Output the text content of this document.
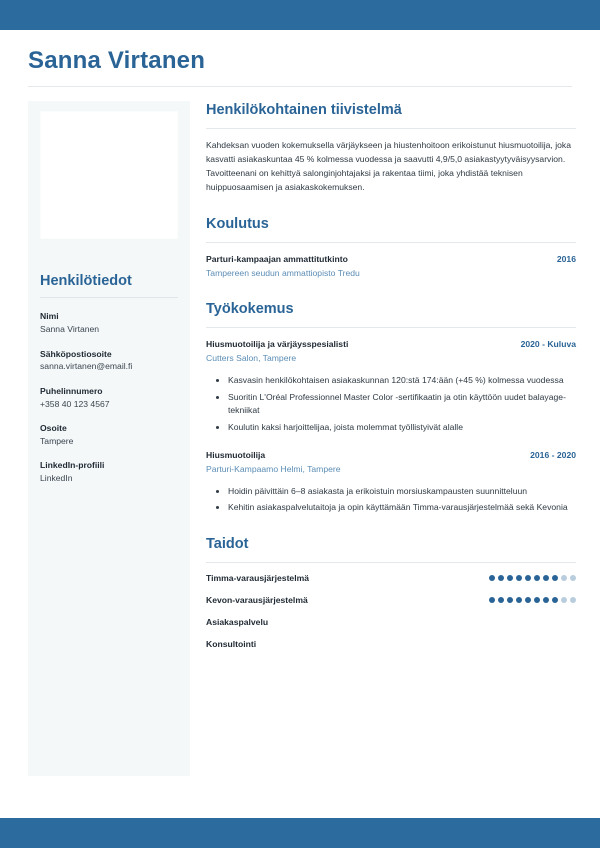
Sanna Virtanen
Henkilötiedot
Nimi
Sanna Virtanen
Sähköpostiosoite
sanna.virtanen@email.fi
Puhelinnumero
+358 40 123 4567
Osoite
Tampere
LinkedIn-profiili
LinkedIn
Henkilökohtainen tiivistelmä

Kahdeksan vuoden kokemuksella värjäykseen ja hiustenhoitoon erikoistunut hiusmuotoilija, joka kasvatti asiakaskuntaa 45 % kolmessa vuodessa ja saavutti 4,9/5,0 asiakastyytyväisyysarvion. Tavoitteenani on kehittyä salonginjohtajaksi ja rakentaa tiimi, joka yhdistää teknisen huippuosaamisen ja asiakaskokemuksen.

Koulutus
Parturi-kampaajan ammattitutkinto	2016
Tampereen seudun ammattiopisto Tredu
Työkokemus
Hiusmuotoilija ja värjäysspesialisti	2020 - Kuluva
Cutters Salon, Tampere
• Kasvasin henkilökohtaisen asiakaskunnan 120:stä 174:ään (+45 %) kolmessa vuodessa
• Suoritin L'Oréal Professionnel Master Color -sertifikaatin ja otin käyttöön uudet balayage-tekniikat
• Koulutin kaksi harjoittelijaa, joista molemmat työllistyivät alalle
Hiusmuotoilija	2016 - 2020
Parturi-Kampaamo Helmi, Tampere
• Hoidin päivittäin 6–8 asiakasta ja erikoistuin morsiuskampausten suunnitteluun
• Kehitin asiakaspalvelutaitoja ja opin käyttämään Timma-varausjärjestelmää sekä Kevonia
Taidot
Timma-varausjärjestelmä
Kevon-varausjärjestelmä
Asiakaspalvelu
Konsultointi
